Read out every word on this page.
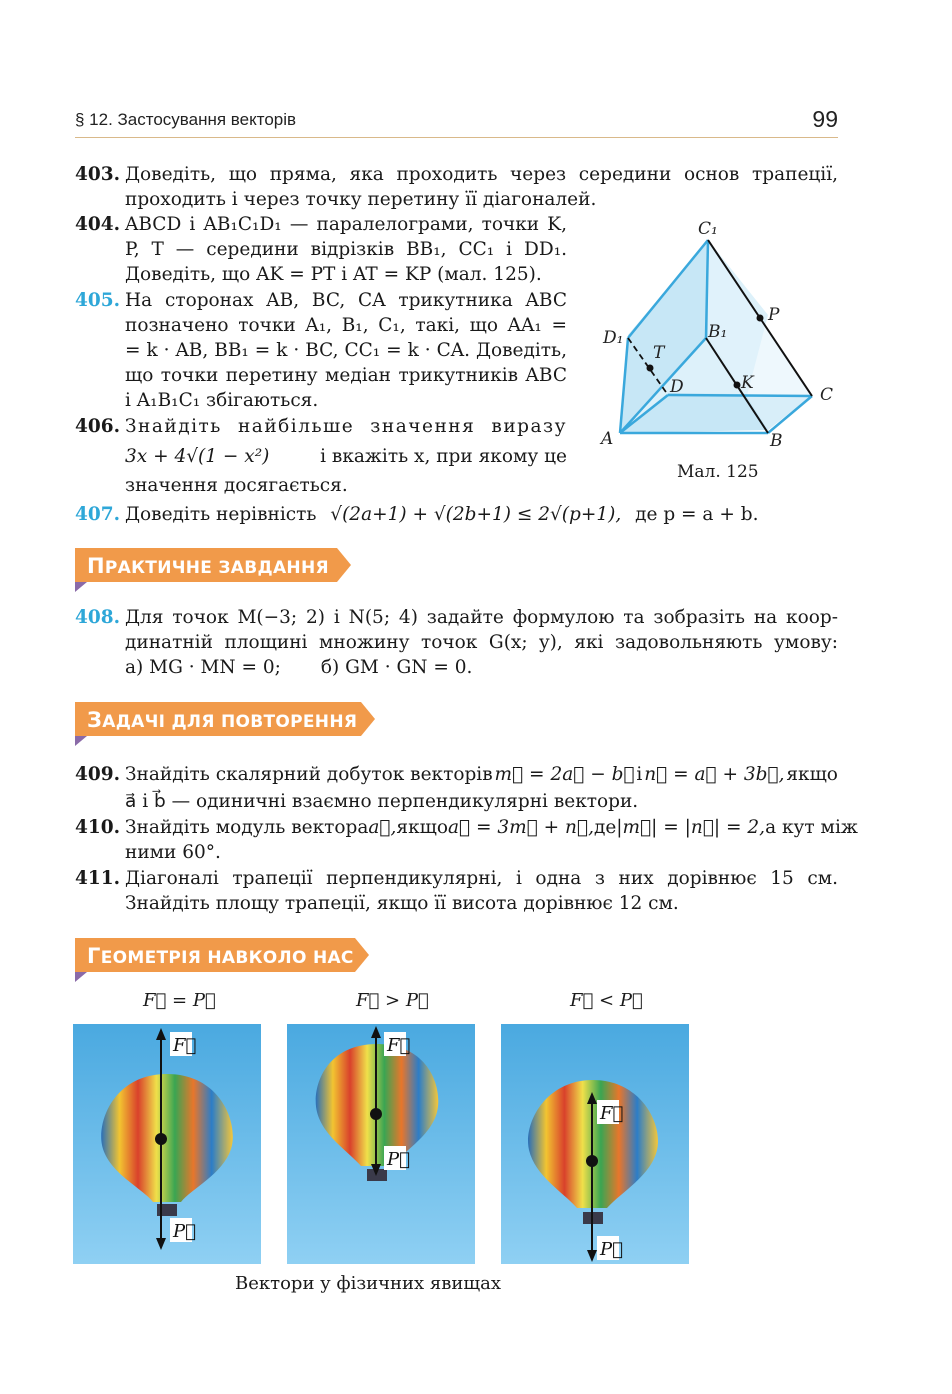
§ 12. Застосування векторів	99
403. Доведіть, що пряма, яка проходить через середини основ трапеції,
проходить і через точку перетину її діагоналей.
404. ABCD і AB₁C₁D₁ — паралелограми, точки K,
P, T — середини відрізків BB₁, CC₁ і DD₁.
Доведіть, що AK = PT і AT = KP (мал. 125).
405. На сторонах AB, BC, CA трикутника ABC
позначено точки A₁, B₁, C₁, такі, що AA₁ =
= k · AB, BB₁ = k · BC, CC₁ = k · CA. Доведіть,
що точки перетину медіан трикутників ABC
і A₁B₁C₁ збігаються.
406. Знайдіть найбільше значення виразу
3x + 4√(1 − x²)	і вкажіть x, при якому це
значення досягається.
407. Доведіть нерівність √(2a+1) + √(2b+1) ≤ 2√(p+1), де p = a + b.
C₁
P
D₁	B₁
T
D	K
C
A	B
Мал. 125
ПРАКТИЧНЕ ЗАВДАННЯ
408. Для точок M(−3; 2) і N(5; 4) задайте формулою та зобразіть на коор-
динатній площині множину точок G(x; y), які задовольняють умову:
а) MG · MN = 0; б) GM · GN = 0.
ЗАДАЧІ ДЛЯ ПОВТОРЕННЯ
409. Знайдіть скалярний добуток векторів m⃗ = 2a⃗ − b⃗ і n⃗ = a⃗ + 3b⃗, якщо
a⃗ і b⃗ — одиничні взаємно перпендикулярні вектори.
410. Знайдіть модуль вектора a⃗, якщо a⃗ = 3m⃗ + n⃗, де |m⃗| = |n⃗| = 2, а кут між
ними 60°.
411. Діагоналі трапеції перпендикулярні, і одна з них дорівнює 15 см.
Знайдіть площу трапеції, якщо її висота дорівнює 12 см.
ГЕОМЕТРІЯ НАВКОЛО НАС
F⃗ = P⃗	F⃗ > P⃗	F⃗ < P⃗
F⃗
P⃗
F⃗
P⃗
F⃗
P⃗
Вектори у фізичних явищах
